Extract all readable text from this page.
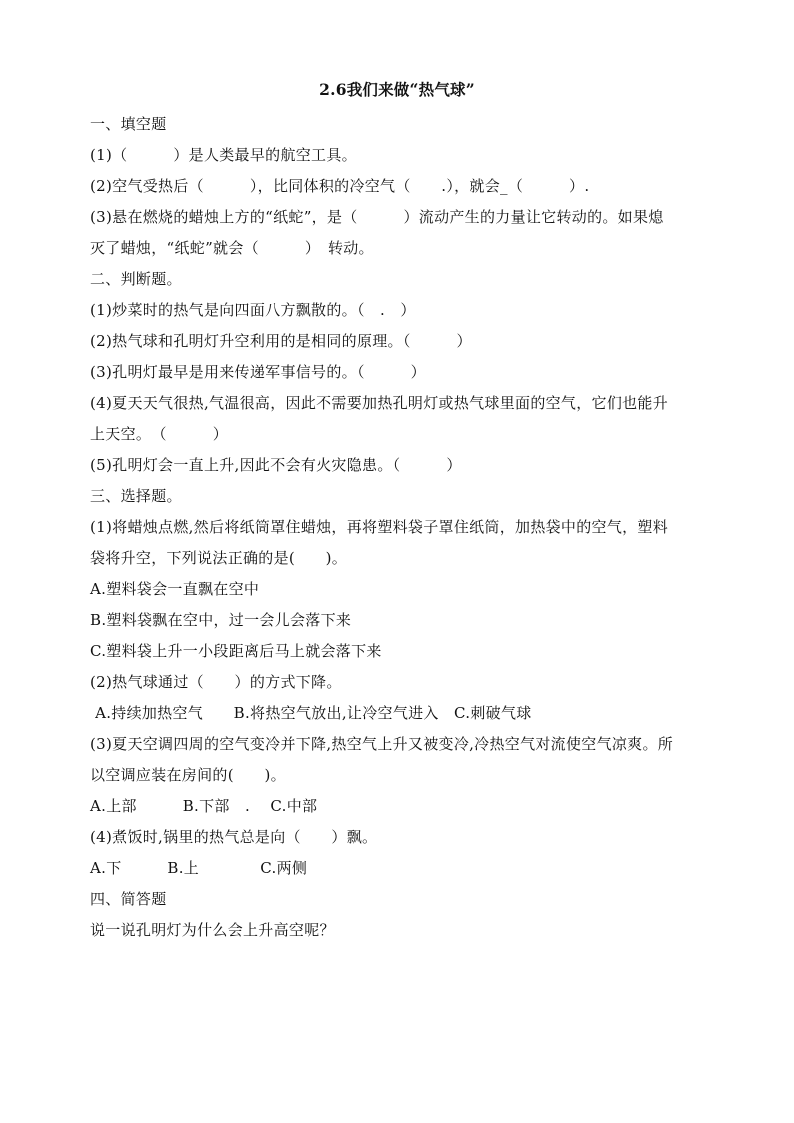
2.6我们来做“热气球”
一、填空题
(1)（　　　）是人类最早的航空工具。
(2)空气受热后（　　　），比同体积的冷空气（　　.），就会_（　　　）.
(3)悬在燃烧的蜡烛上方的“纸蛇”，是（　　　）流动产生的力量让它转动的。如果熄
灭了蜡烛，“纸蛇”就会（　　　）　转动。
二、判断题。
(1)炒菜时的热气是向四面八方飘散的。（　.　）
(2)热气球和孔明灯升空利用的是相同的原理。（　　　）
(3)孔明灯最早是用来传递军事信号的。（　　　）
(4)夏天天气很热,气温很高，因此不需要加热孔明灯或热气球里面的空气，它们也能升
上天空。　（　　　）
(5)孔明灯会一直上升,因此不会有火灾隐患。（　　　）
三、选择题。
(1)将蜡烛点燃,然后将纸筒罩住蜡烛，再将塑料袋子罩住纸筒，加热袋中的空气，塑料
袋将升空，下列说法正确的是(　　)。
A.塑料袋会一直飘在空中
B.塑料袋飘在空中，过一会儿会落下来
C.塑料袋上升一小段距离后马上就会落下来
(2)热气球通过（　　）的方式下降。
A.持续加热空气　　B.将热空气放出,让冷空气进入　C.刺破气球
(3)夏天空调四周的空气变冷并下降,热空气上升又被变冷,冷热空气对流使空气凉爽。所
以空调应装在房间的(　　)。
A.上部　　　B.下部　.　 C.中部
(4)煮饭时,锅里的热气总是向（　　）飘。
A.下　　　B.上　　　　C.两侧
四、简答题
说一说孔明灯为什么会上升高空呢？
